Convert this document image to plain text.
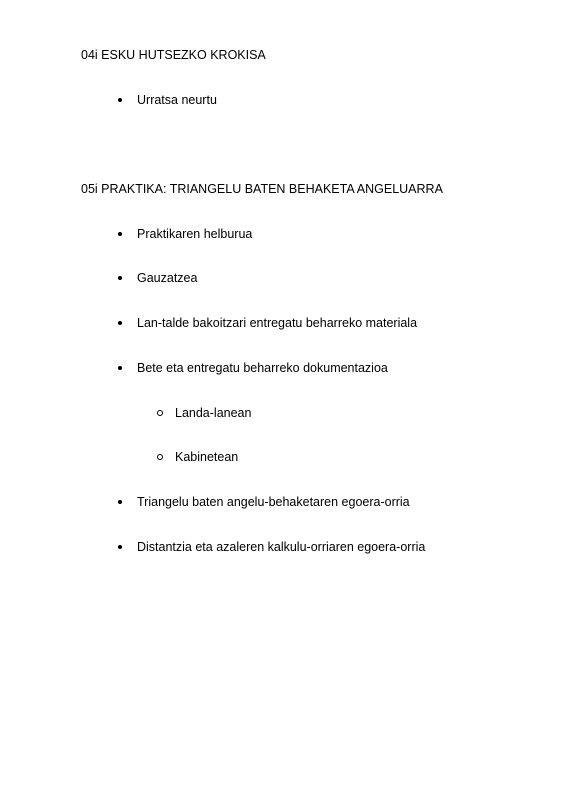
04i ESKU HUTSEZKO KROKISA
Urratsa neurtu
05i PRAKTIKA: TRIANGELU BATEN BEHAKETA ANGELUARRA
Praktikaren helburua
Gauzatzea
Lan-talde bakoitzari entregatu beharreko materiala
Bete eta entregatu beharreko dokumentazioa
Landa-lanean
Kabinetean
Triangelu baten angelu-behaketaren egoera-orria
Distantzia eta azaleren kalkulu-orriaren egoera-orria
